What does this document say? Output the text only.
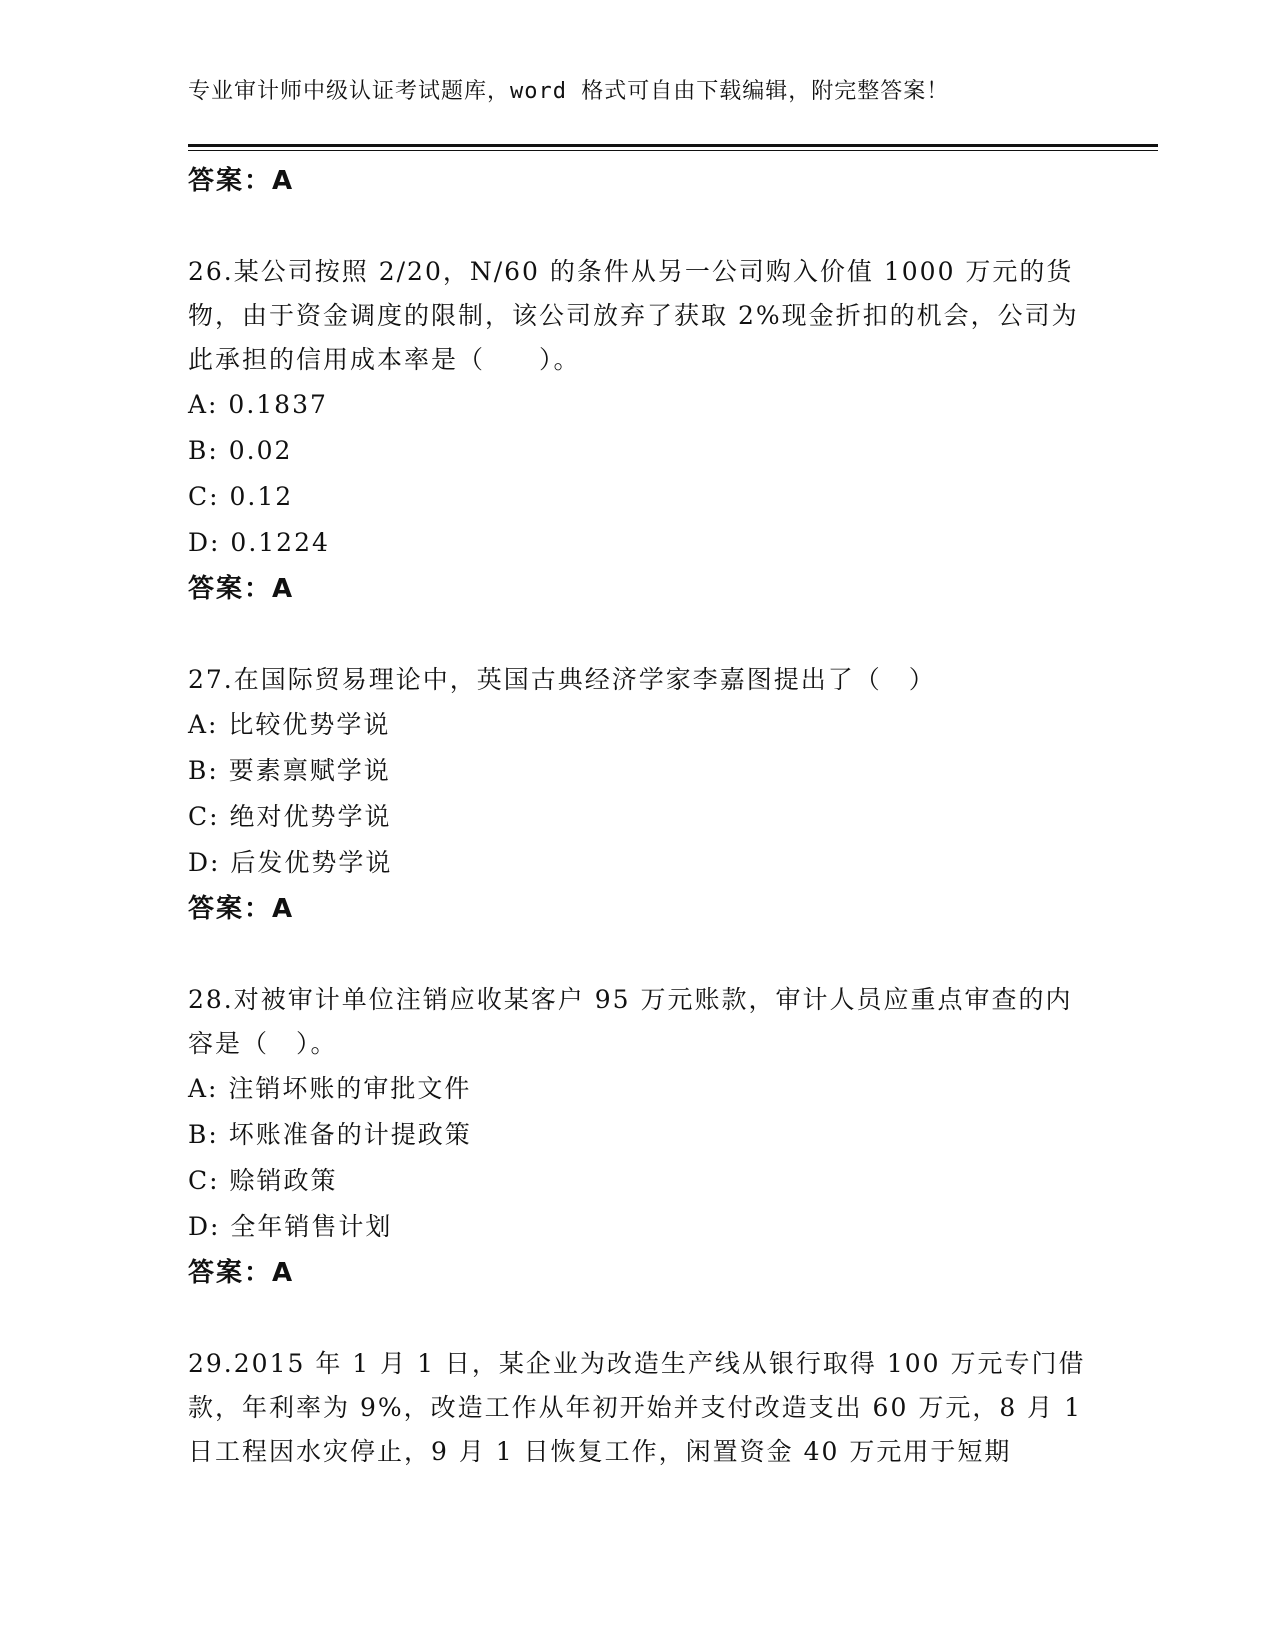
专业审计师中级认证考试题库，word 格式可自由下载编辑，附完整答案！
答案：A
26.某公司按照 2/20，N/60 的条件从另一公司购入价值 1000 万元的货物，由于资金调度的限制，该公司放弃了获取 2%现金折扣的机会，公司为此承担的信用成本率是（　　）。
A: 0.1837
B: 0.02
C: 0.12
D: 0.1224
答案：A
27.在国际贸易理论中，英国古典经济学家李嘉图提出了（　）
A: 比较优势学说
B: 要素禀赋学说
C: 绝对优势学说
D: 后发优势学说
答案：A
28.对被审计单位注销应收某客户 95 万元账款，审计人员应重点审查的内容是（　）。
A: 注销坏账的审批文件
B: 坏账准备的计提政策
C: 赊销政策
D: 全年销售计划
答案：A
29.2015 年 1 月 1 日，某企业为改造生产线从银行取得 100 万元专门借款，年利率为 9%，改造工作从年初开始并支付改造支出 60 万元，8 月 1 日工程因水灾停止，9 月 1 日恢复工作，闲置资金 40 万元用于短期
